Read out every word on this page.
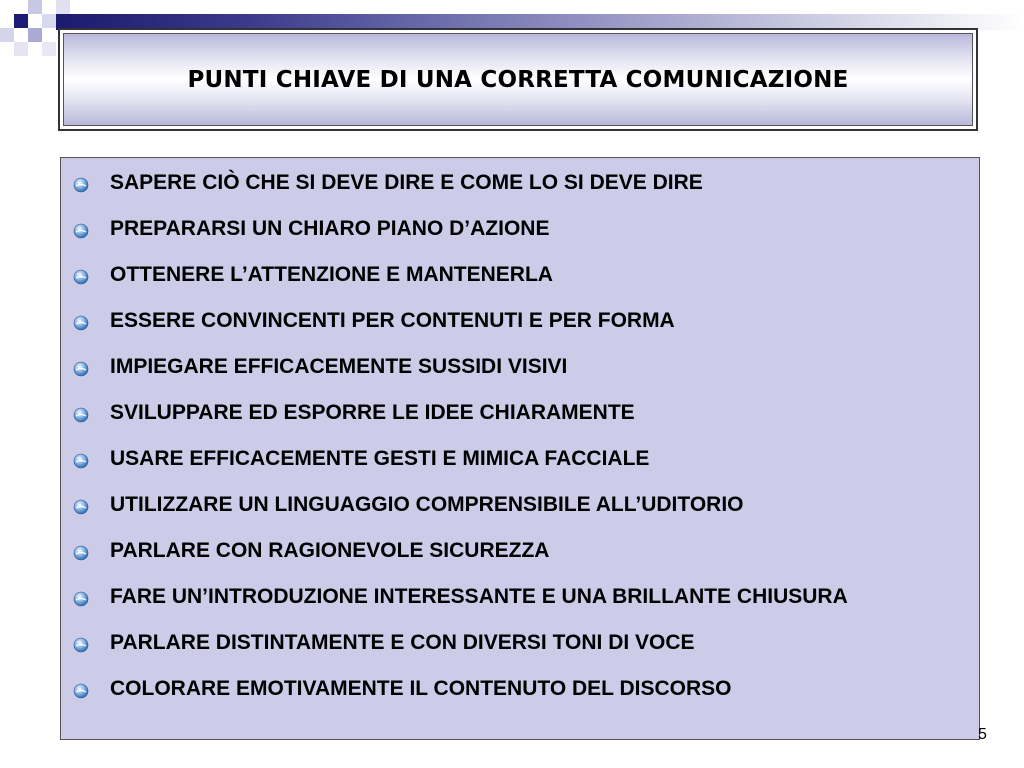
PUNTI CHIAVE DI UNA CORRETTA COMUNICAZIONE
SAPERE CIÒ CHE SI DEVE DIRE E COME LO SI DEVE DIRE
PREPARARSI UN CHIARO PIANO D’AZIONE
OTTENERE L’ATTENZIONE E MANTENERLA
ESSERE CONVINCENTI PER CONTENUTI E PER FORMA
IMPIEGARE EFFICACEMENTE SUSSIDI VISIVI
SVILUPPARE ED ESPORRE LE IDEE CHIARAMENTE
USARE EFFICACEMENTE GESTI E MIMICA FACCIALE
UTILIZZARE UN LINGUAGGIO COMPRENSIBILE ALL’UDITORIO
PARLARE CON RAGIONEVOLE SICUREZZA
FARE UN’INTRODUZIONE INTERESSANTE E UNA BRILLANTE CHIUSURA
PARLARE DISTINTAMENTE E CON DIVERSI TONI DI VOCE
COLORARE EMOTIVAMENTE IL CONTENUTO DEL DISCORSO
5
